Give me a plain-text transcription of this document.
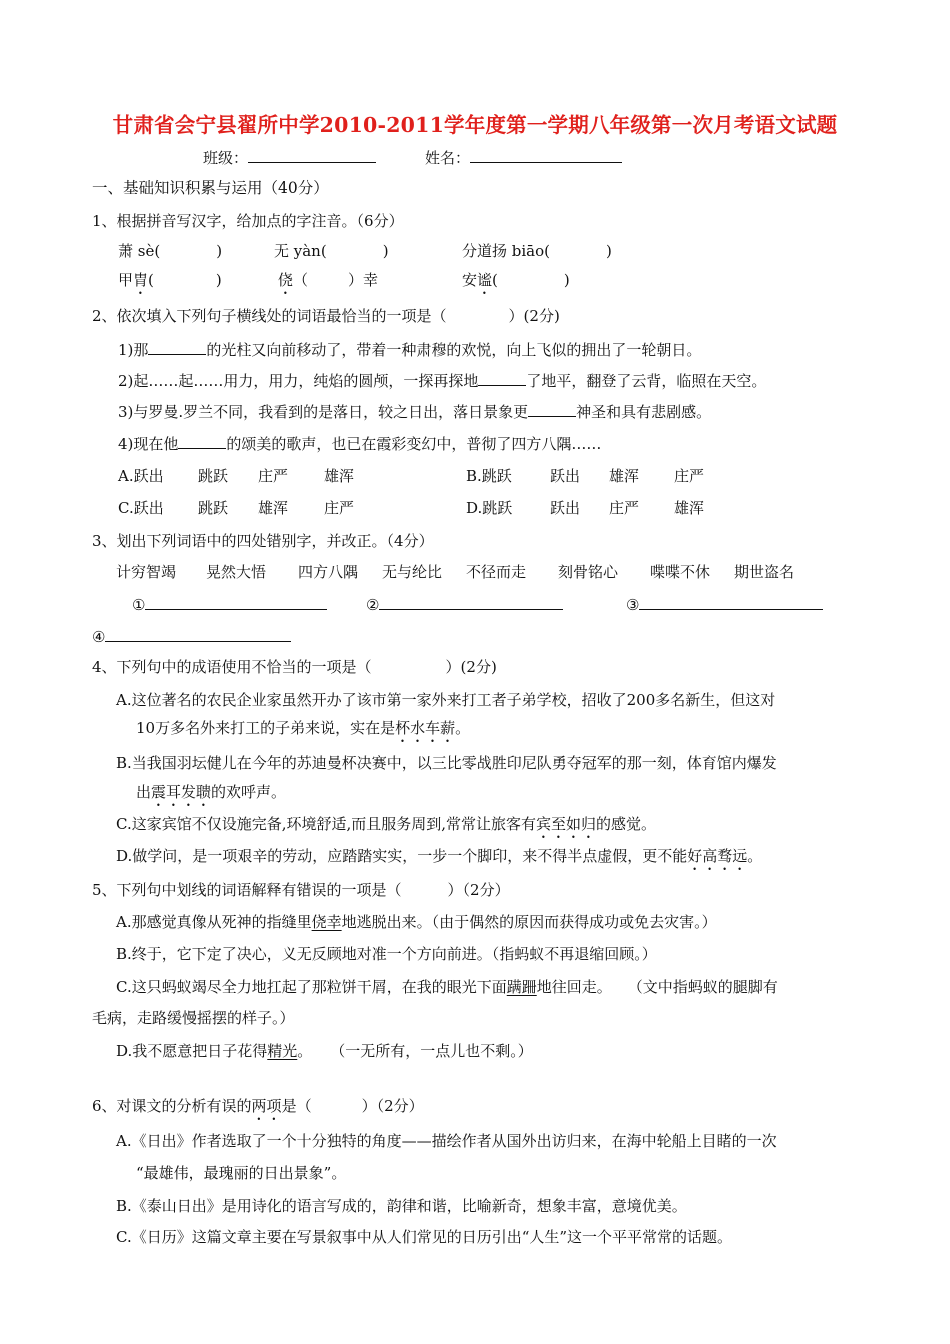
甘肃省会宁县翟所中学2010-2011学年度第一学期八年级第一次月考语文试题
班级：	姓名：
一、基础知识积累与运用（40分）
1、根据拼音写汉字，给加点的字注音。（6分）
萧 sè(	)	无 yàn(	)	分道扬 biāo(	)
甲胄(	)	侥（	）幸	安谧(	)
2、依次填入下列句子横线处的词语最恰当的一项是（	）(2分)
1)那	的光柱又向前移动了，带着一种肃穆的欢悦，向上飞似的拥出了一轮朝日。
2)起……起……用力，用力，纯焰的圆颅，一探再探地	了地平，翻登了云背，临照在天空。
3)与罗曼.罗兰不同，我看到的是落日，较之日出，落日景象更	神圣和具有悲剧感。
4)现在他	的颂美的歌声，也已在霞彩变幻中，普彻了四方八隅……
A.跃出 跳跃 庄严 雄浑	B.跳跃	跃出 雄浑 庄严
C.跃出 跳跃 雄浑 庄严	D.跳跃	跃出 庄严 雄浑
3、划出下列词语中的四处错别字，并改正。（4分）
计穷智竭 晃然大悟 四方八隅 无与纶比 不径而走 刻骨铭心 喋喋不休 期世盗名
①	②	③
④
4、下列句中的成语使用不恰当的一项是（	）(2分)
A.这位著名的农民企业家虽然开办了该市第一家外来打工者子弟学校，招收了200多名新生，但这对
10万多名外来打工的子弟来说，实在是杯水车薪。
B.当我国羽坛健儿在今年的苏迪曼杯决赛中，以三比零战胜印尼队勇夺冠军的那一刻，体育馆内爆发
出震耳发聩的欢呼声。
C.这家宾馆不仅设施完备,环境舒适,而且服务周到,常常让旅客有宾至如归的感觉。
D.做学问，是一项艰辛的劳动，应踏踏实实，一步一个脚印，来不得半点虚假，更不能好高骛远。
5、下列句中划线的词语解释有错误的一项是（	）（2分）
A.那感觉真像从死神的指缝里侥幸地逃脱出来。（由于偶然的原因而获得成功或免去灾害。）
B.终于，它下定了决心，义无反顾地对准一个方向前进。（指蚂蚁不再退缩回顾。）
C.这只蚂蚁竭尽全力地扛起了那粒饼干屑，在我的眼光下面蹒跚地往回走。 （文中指蚂蚁的腿脚有
毛病，走路缓慢摇摆的样子。）
D.我不愿意把日子花得精光。 （一无所有，一点儿也不剩。）
6、对课文的分析有误的两项是（	）（2分）
A.《日出》作者选取了一个十分独特的角度——描绘作者从国外出访归来，在海中轮船上目睹的一次
“最雄伟，最瑰丽的日出景象”。
B.《泰山日出》是用诗化的语言写成的，韵律和谐，比喻新奇，想象丰富，意境优美。
C.《日历》这篇文章主要在写景叙事中从人们常见的日历引出“人生”这一个平平常常的话题。
